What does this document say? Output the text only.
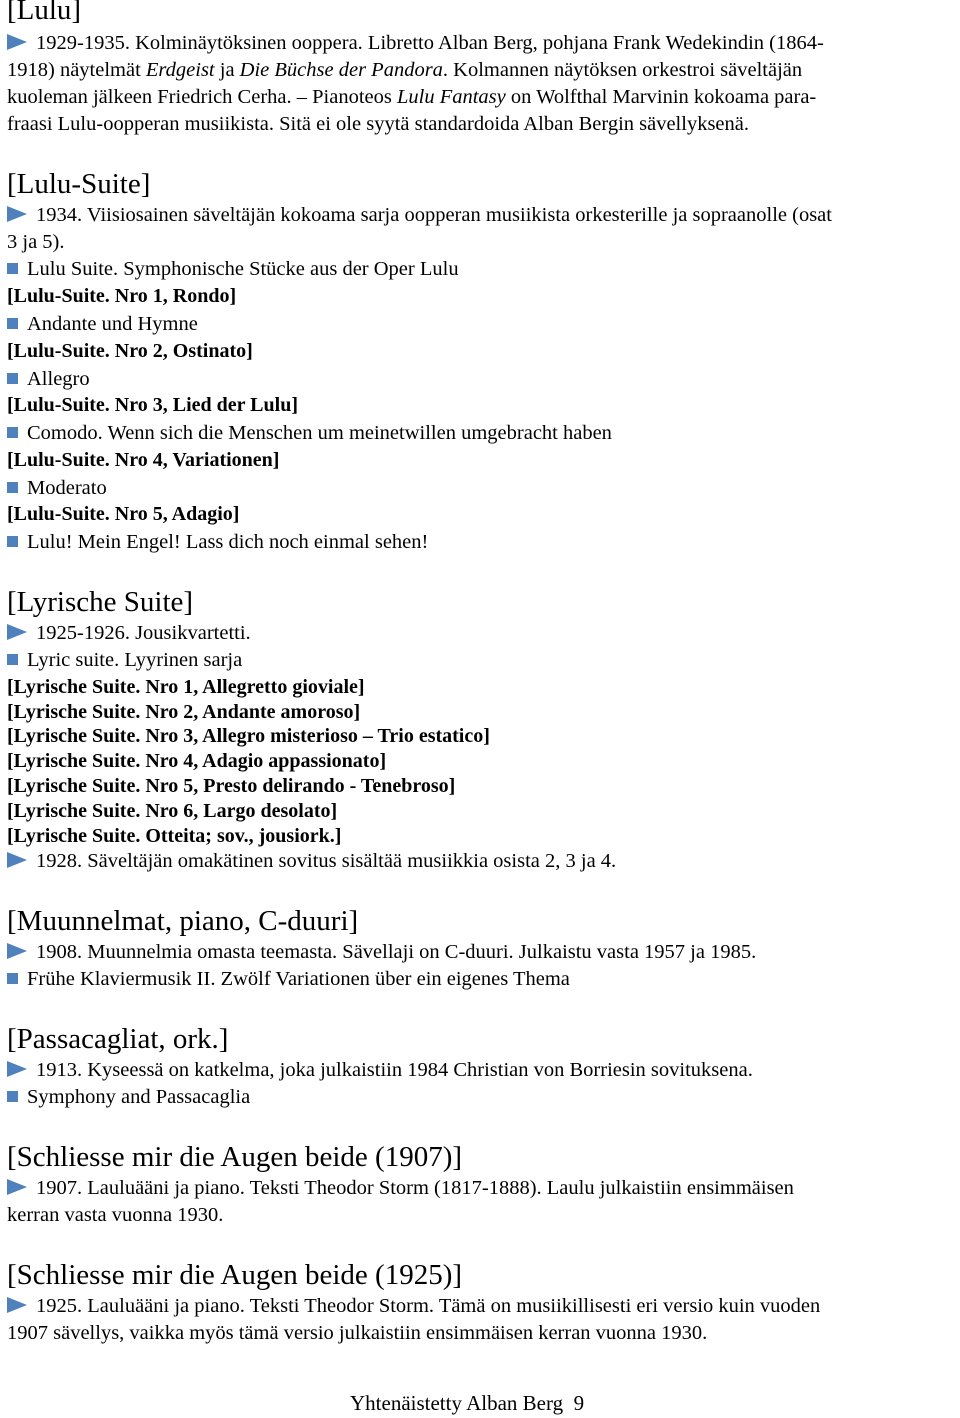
[Lulu]
1929-1935. Kolminäytöksinen ooppera. Libretto Alban Berg, pohjana Frank Wedekindin (1864-
1918) näytelmät Erdgeist ja Die Büchse der Pandora. Kolmannen näytöksen orkestroi säveltäjän
kuoleman jälkeen Friedrich Cerha. – Pianoteos Lulu Fantasy on Wolfthal Marvinin kokoama para-
fraasi Lulu-oopperan musiikista. Sitä ei ole syytä standardoida Alban Bergin sävellyksenä.
[Lulu-Suite]
1934. Viisiosainen säveltäjän kokoama sarja oopperan musiikista orkesterille ja sopraanolle (osat
3 ja 5).
Lulu Suite. Symphonische Stücke aus der Oper Lulu
[Lulu-Suite. Nro 1, Rondo]
Andante und Hymne
[Lulu-Suite. Nro 2, Ostinato]
Allegro
[Lulu-Suite. Nro 3, Lied der Lulu]
Comodo. Wenn sich die Menschen um meinetwillen umgebracht haben
[Lulu-Suite. Nro 4, Variationen]
Moderato
[Lulu-Suite. Nro 5, Adagio]
Lulu! Mein Engel! Lass dich noch einmal sehen!
[Lyrische Suite]
1925-1926. Jousikvartetti.
Lyric suite. Lyyrinen sarja
[Lyrische Suite. Nro 1, Allegretto gioviale]
[Lyrische Suite. Nro 2, Andante amoroso]
[Lyrische Suite. Nro 3, Allegro misterioso – Trio estatico]
[Lyrische Suite. Nro 4, Adagio appassionato]
[Lyrische Suite. Nro 5, Presto delirando - Tenebroso]
[Lyrische Suite. Nro 6, Largo desolato]
[Lyrische Suite. Otteita; sov., jousiork.]
1928. Säveltäjän omakätinen sovitus sisältää musiikkia osista 2, 3 ja 4.
[Muunnelmat, piano, C-duuri]
1908. Muunnelmia omasta teemasta. Sävellaji on C-duuri. Julkaistu vasta 1957 ja 1985.
Frühe Klaviermusik II. Zwölf Variationen über ein eigenes Thema
[Passacagliat, ork.]
1913. Kyseessä on katkelma, joka julkaistiin 1984 Christian von Borriesin sovituksena.
Symphony and Passacaglia
[Schliesse mir die Augen beide (1907)]
1907. Lauluääni ja piano. Teksti Theodor Storm (1817-1888). Laulu julkaistiin ensimmäisen
kerran vasta vuonna 1930.
[Schliesse mir die Augen beide (1925)]
1925. Lauluääni ja piano. Teksti Theodor Storm. Tämä on musiikillisesti eri versio kuin vuoden
1907 sävellys, vaikka myös tämä versio julkaistiin ensimmäisen kerran vuonna 1930.
Yhtenäistetty Alban Berg 9
